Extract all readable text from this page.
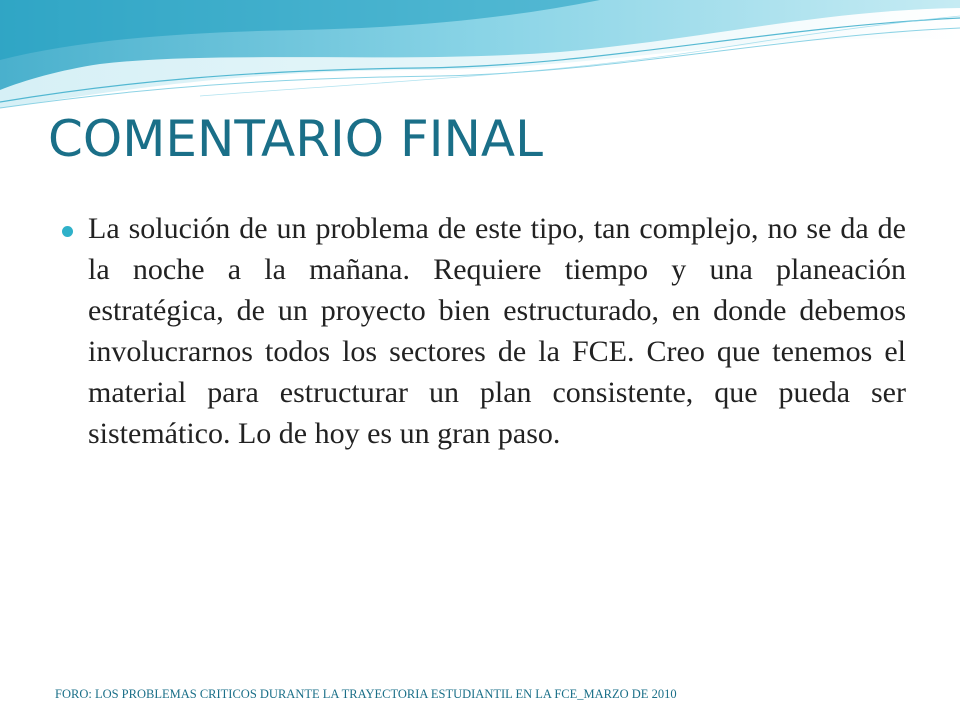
COMENTARIO FINAL
La solución de un problema de este tipo, tan complejo, no se da de la noche a la mañana. Requiere tiempo y una planeación estratégica, de un proyecto bien estructurado, en donde debemos involucrarnos todos los sectores de la FCE. Creo que tenemos el material para estructurar un plan consistente, que pueda ser sistemático. Lo de hoy es un gran paso.
FORO: LOS PROBLEMAS CRITICOS DURANTE LA TRAYECTORIA ESTUDIANTIL EN LA FCE_MARZO DE 2010
